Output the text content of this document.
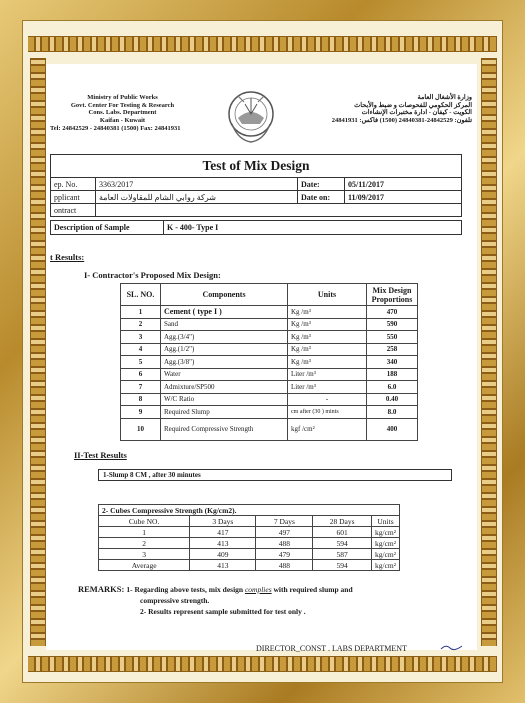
Ministry of Public Works
Govt. Center For Testing & Research
Cons. Labs. Department
Kaifan - Kuwait
Tel: 24842529 - 24840381 (1500) Fax: 24841931
وزارة الأشغال العامة
المركز الحكومي للفحوصات و ضبط والأبحاث
الكويت - كيفان - ادارة مختبرات الإنشاءات
تلفون: 24842529-24840381 (1500) فاكس: 24841931
Test of Mix Design
ep. No.	3363/2017	Date:	05/11/2017
pplicant	شركة روابي الشام للمقاولات العامة	Date on:	11/09/2017
ontract			
Description of Sample	K - 400- Type I
t Results:
I- Contractor's Proposed Mix Design:
SL. NO.	Components	Units	Mix Design Proportions
1	Cement ( type I )	Kg /m³	470
2	Sand	Kg /m³	590
3	Agg.(3/4")	Kg /m³	550
4	Agg.(1/2")	Kg /m³	258
5	Agg.(3/8")	Kg /m³	340
6	Water	Liter /m³	188
7	Admixture/SP500	Liter /m³	6.0
8	W/C Ratio	-	0.40
9	Required Slump	cm after (30 ) mints	8.0
10	Required Compressive Strength	kgf /cm²	400
II-Test Results
1-Slump 8 CM , after 30 minutes
2- Cubes Compressive Strength (Kg/cm2).				
Cube NO.	3 Days	7 Days	28 Days	Units
1	417	497	601	kg/cm²
2	413	488	594	kg/cm²
3	409	479	587	kg/cm²
Average	413	488	594	kg/cm²
REMARKS: 1- Regarding above tests, mix design complies with required slump and
compressive strength.
2- Results represent sample submitted for test only .
DIRECTOR_CONST . LABS DEPARTMENT
